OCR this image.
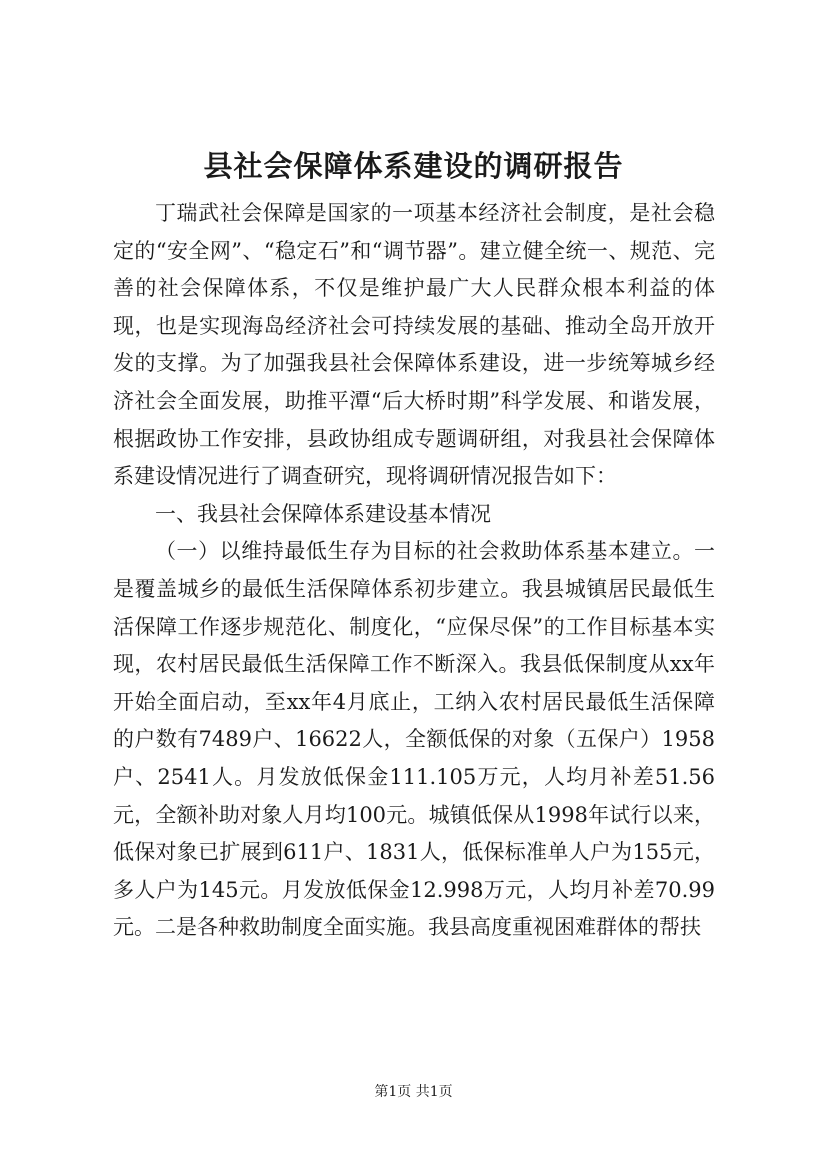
县社会保障体系建设的调研报告

丁瑞武社会保障是国家的一项基本经济社会制度，是社会稳定的“安全网”、“稳定石”和“调节器”。建立健全统一、规范、完善的社会保障体系，不仅是维护最广大人民群众根本利益的体现，也是实现海岛经济社会可持续发展的基础、推动全岛开放开发的支撑。为了加强我县社会保障体系建设，进一步统筹城乡经济社会全面发展，助推平潭“后大桥时期”科学发展、和谐发展，根据政协工作安排，县政协组成专题调研组，对我县社会保障体系建设情况进行了调查研究，现将调研情况报告如下：

一、我县社会保障体系建设基本情况

（一）以维持最低生存为目标的社会救助体系基本建立。一是覆盖城乡的最低生活保障体系初步建立。我县城镇居民最低生活保障工作逐步规范化、制度化，“应保尽保”的工作目标基本实现，农村居民最低生活保障工作不断深入。我县低保制度从xx年开始全面启动，至xx年4月底止，工纳入农村居民最低生活保障的户数有7489户、16622人，全额低保的对象（五保户）1958户、2541人。月发放低保金111.105万元，人均月补差51.56元，全额补助对象人月均100元。城镇低保从1998年试行以来，低保对象已扩展到611户、1831人，低保标准单人户为155元，多人户为145元。月发放低保金12.998万元，人均月补差70.99元。二是各种救助制度全面实施。我县高度重视困难群体的帮扶

第1页 共1页
